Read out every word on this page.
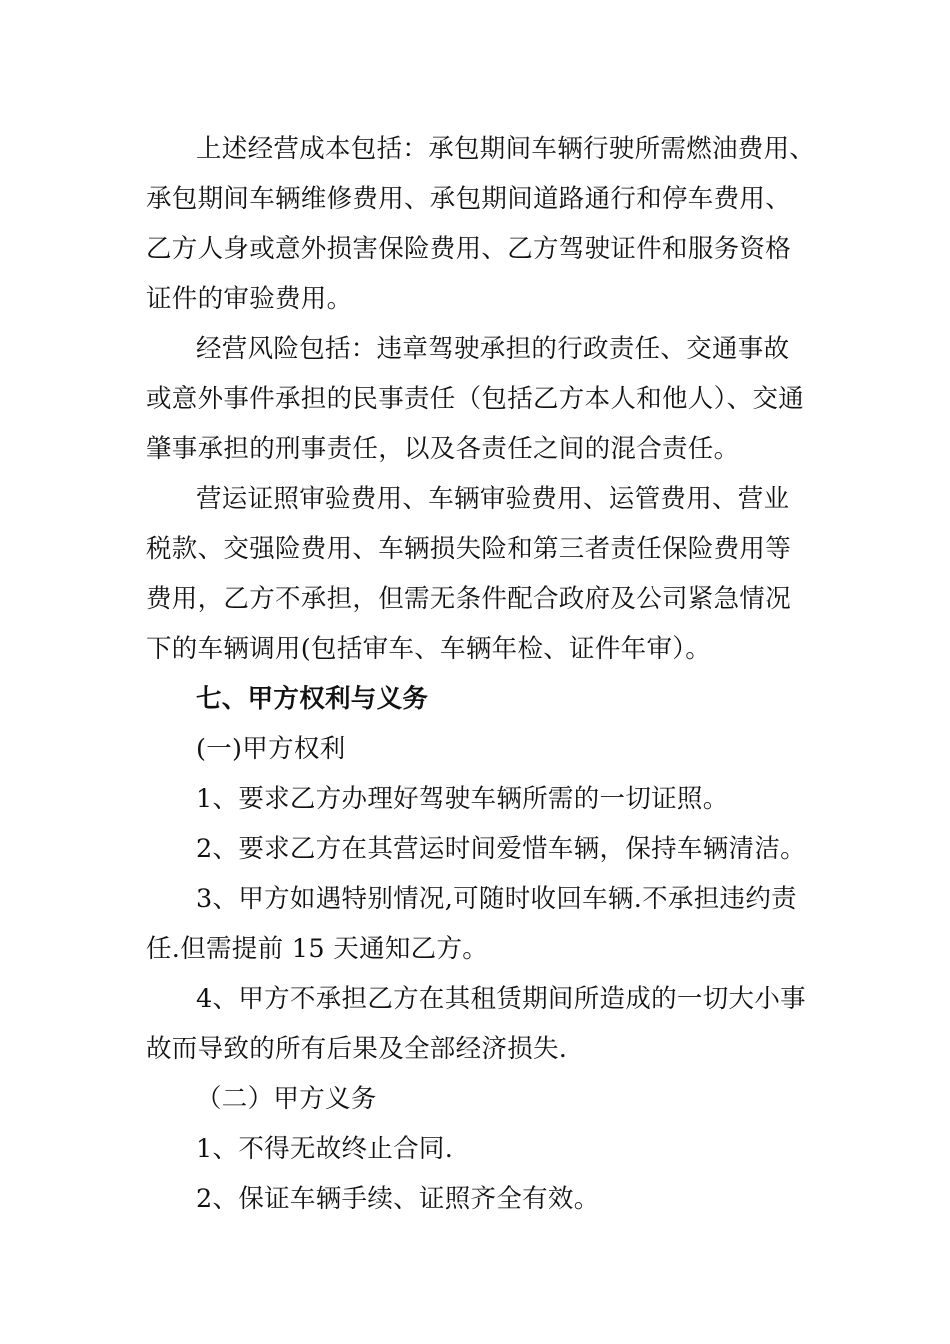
上述经营成本包括：承包期间车辆行驶所需燃油费用、
承包期间车辆维修费用、承包期间道路通行和停车费用、
乙方人身或意外损害保险费用、乙方驾驶证件和服务资格
证件的审验费用。
经营风险包括：违章驾驶承担的行政责任、交通事故
或意外事件承担的民事责任（包括乙方本人和他人）、交通
肇事承担的刑事责任，以及各责任之间的混合责任。
营运证照审验费用、车辆审验费用、运管费用、营业
税款、交强险费用、车辆损失险和第三者责任保险费用等
费用，乙方不承担，但需无条件配合政府及公司紧急情况
下的车辆调用(包括审车、车辆年检、证件年审）。
七、甲方权利与义务
(一)甲方权利
1、要求乙方办理好驾驶车辆所需的一切证照。
2、要求乙方在其营运时间爱惜车辆，保持车辆清洁。
3、甲方如遇特别情况,可随时收回车辆.不承担违约责
任.但需提前 15 天通知乙方。
4、甲方不承担乙方在其租赁期间所造成的一切大小事
故而导致的所有后果及全部经济损失.
（二）甲方义务
1、不得无故终止合同.
2、保证车辆手续、证照齐全有效。
